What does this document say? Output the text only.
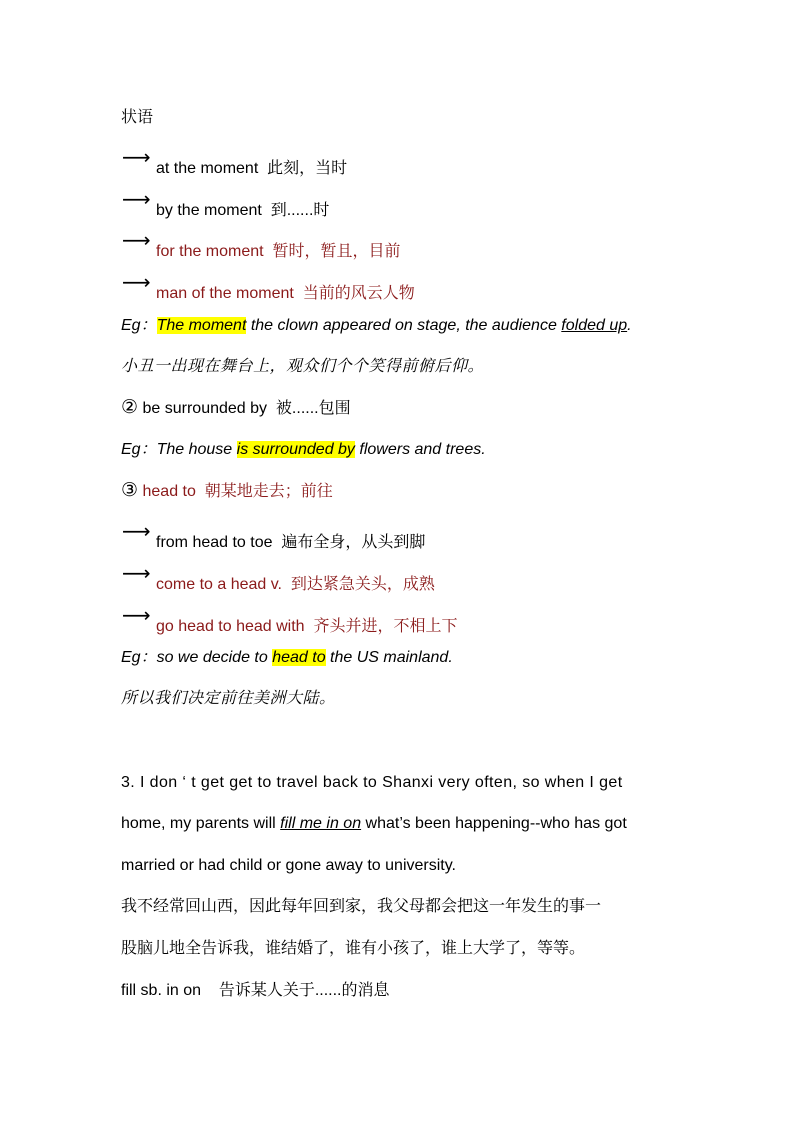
状语
⟶ at the moment 此刻，当时
⟶ by the moment 到......时
⟶ for the moment 暂时，暂且，目前
⟶ man of the moment 当前的风云人物
Eg：The moment the clown appeared on stage, the audience folded up.
小丑一出现在舞台上，观众们个个笑得前俯后仰。
② be surrounded by 被......包围
Eg：The house is surrounded by flowers and trees.
③ head to 朝某地走去；前往
⟶ from head to toe 遍布全身，从头到脚
⟶ come to a head v. 到达紧急关头，成熟
⟶ go head to head with 齐头并进，不相上下
Eg：so we decide to head to the US mainland.
所以我们决定前往美洲大陆。
3. I don ‘ t get get to travel back to Shanxi very often, so when I get
home, my parents will fill me in on what’s been happening--who has got
married or had child or gone away to university.
我不经常回山西，因此每年回到家，我父母都会把这一年发生的事一
股脑儿地全告诉我，谁结婚了，谁有小孩了，谁上大学了，等等。
fill sb. in on 告诉某人关于......的消息
